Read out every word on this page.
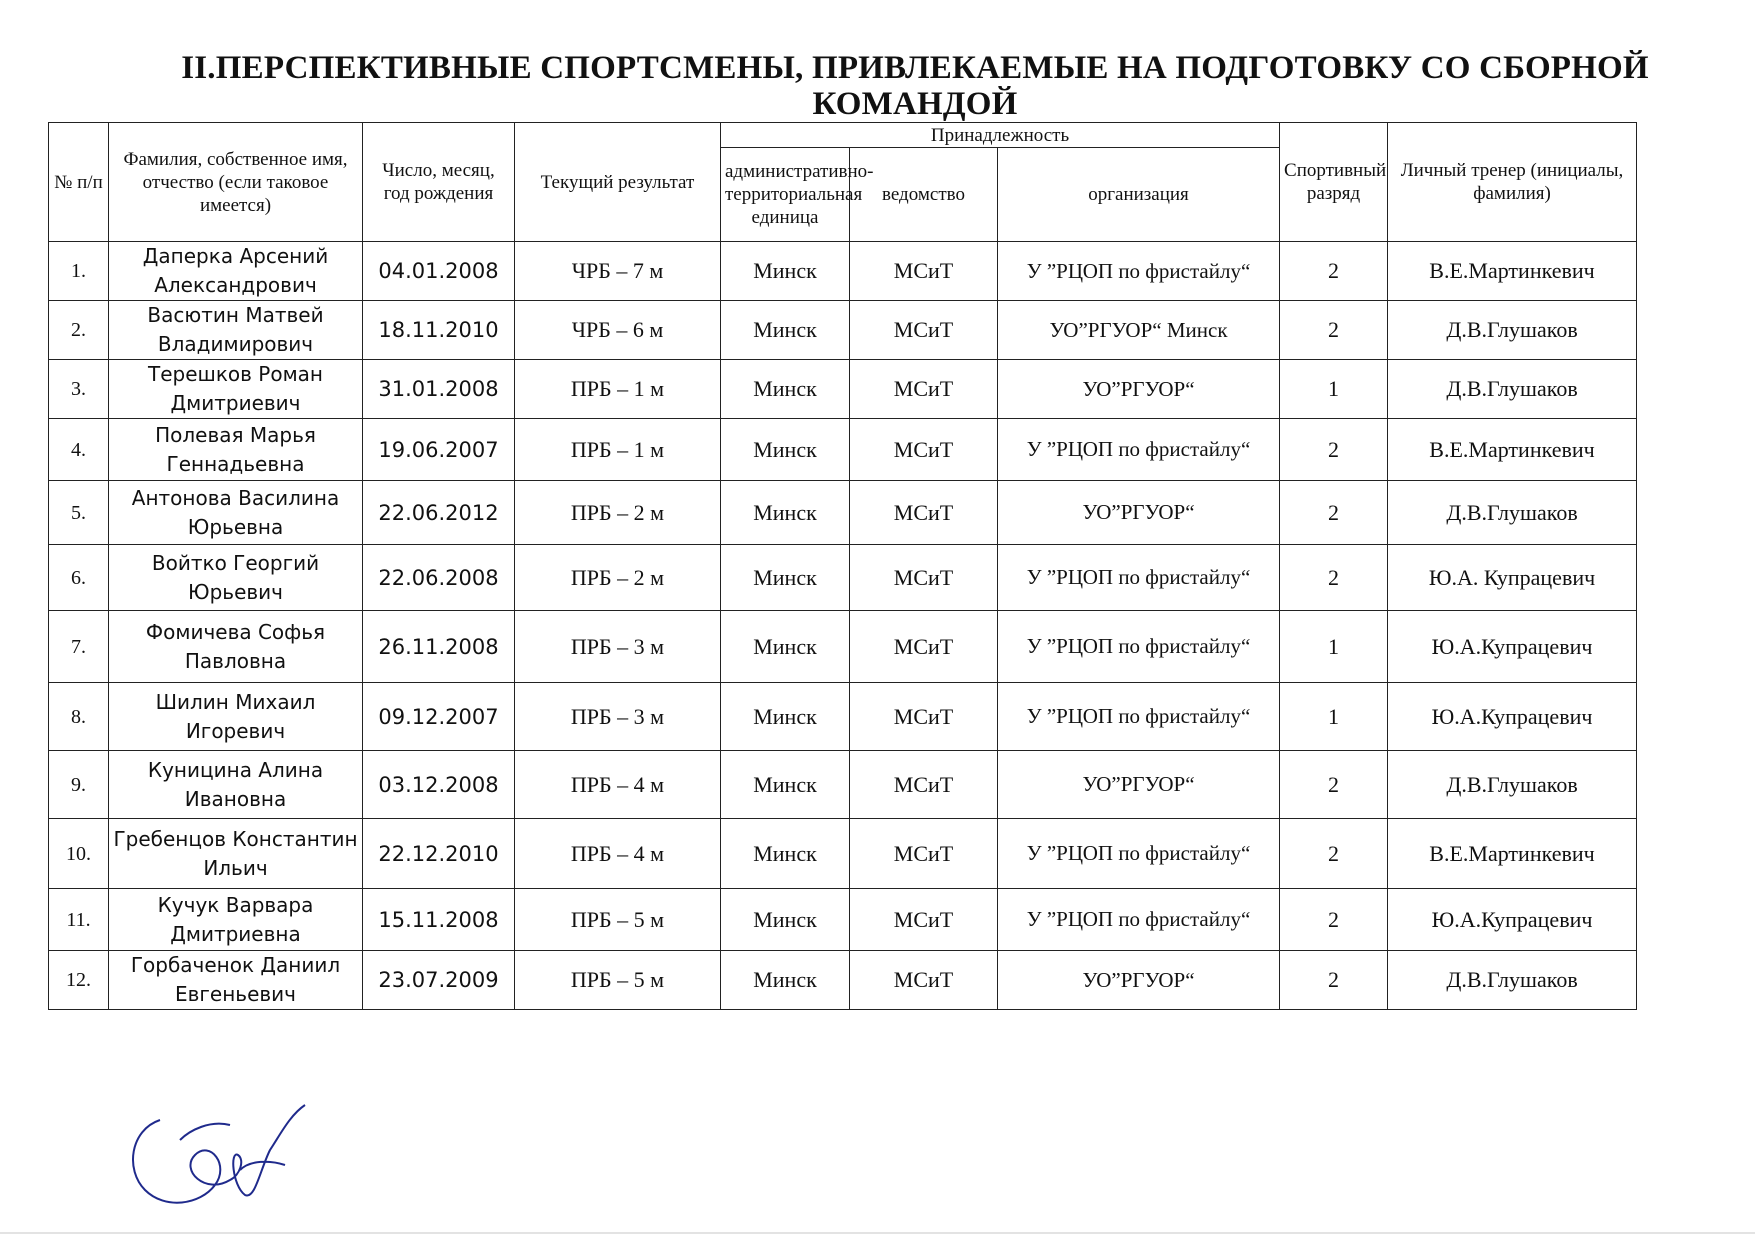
II.ПЕРСПЕКТИВНЫЕ СПОРТСМЕНЫ, ПРИВЛЕКАЕМЫЕ НА ПОДГОТОВКУ СО СБОРНОЙ КОМАНДОЙ
№ п/п	Фамилия, собственное имя, отчество (если таковое имеется)	Число, месяц, год рождения	Текущий результат	Принадлежность			Спортивный разряд	Личный тренер (инициалы, фамилия)
				административно-территориальная единица	ведомство	организация		
1.	Даперка Арсений Александрович	04.01.2008	ЧРБ – 7 м	Минск	МСиТ	У ”РЦОП по фристайлу“	2	В.Е.Мартинкевич
2.	Васютин Матвей Владимирович	18.11.2010	ЧРБ – 6 м	Минск	МСиТ	УО”РГУОР“ Минск	2	Д.В.Глушаков
3.	Терешков Роман Дмитриевич	31.01.2008	ПРБ – 1 м	Минск	МСиТ	УО”РГУОР“	1	Д.В.Глушаков
4.	Полевая Марья Геннадьевна	19.06.2007	ПРБ – 1 м	Минск	МСиТ	У ”РЦОП по фристайлу“	2	В.Е.Мартинкевич
5.	Антонова Василина Юрьевна	22.06.2012	ПРБ – 2 м	Минск	МСиТ	УО”РГУОР“	2	Д.В.Глушаков
6.	Войтко Георгий Юрьевич	22.06.2008	ПРБ – 2 м	Минск	МСиТ	У ”РЦОП по фристайлу“	2	Ю.А. Купрацевич
7.	Фомичева Софья Павловна	26.11.2008	ПРБ – 3 м	Минск	МСиТ	У ”РЦОП по фристайлу“	1	Ю.А.Купрацевич
8.	Шилин Михаил Игоревич	09.12.2007	ПРБ – 3 м	Минск	МСиТ	У ”РЦОП по фристайлу“	1	Ю.А.Купрацевич
9.	Куницина Алина Ивановна	03.12.2008	ПРБ – 4 м	Минск	МСиТ	УО”РГУОР“	2	Д.В.Глушаков
10.	Гребенцов Константин Ильич	22.12.2010	ПРБ – 4 м	Минск	МСиТ	У ”РЦОП по фристайлу“	2	В.Е.Мартинкевич
11.	Кучук Варвара Дмитриевна	15.11.2008	ПРБ – 5 м	Минск	МСиТ	У ”РЦОП по фристайлу“	2	Ю.А.Купрацевич
12.	Горбаченок Даниил Евгеньевич	23.07.2009	ПРБ – 5 м	Минск	МСиТ	УО”РГУОР“	2	Д.В.Глушаков
